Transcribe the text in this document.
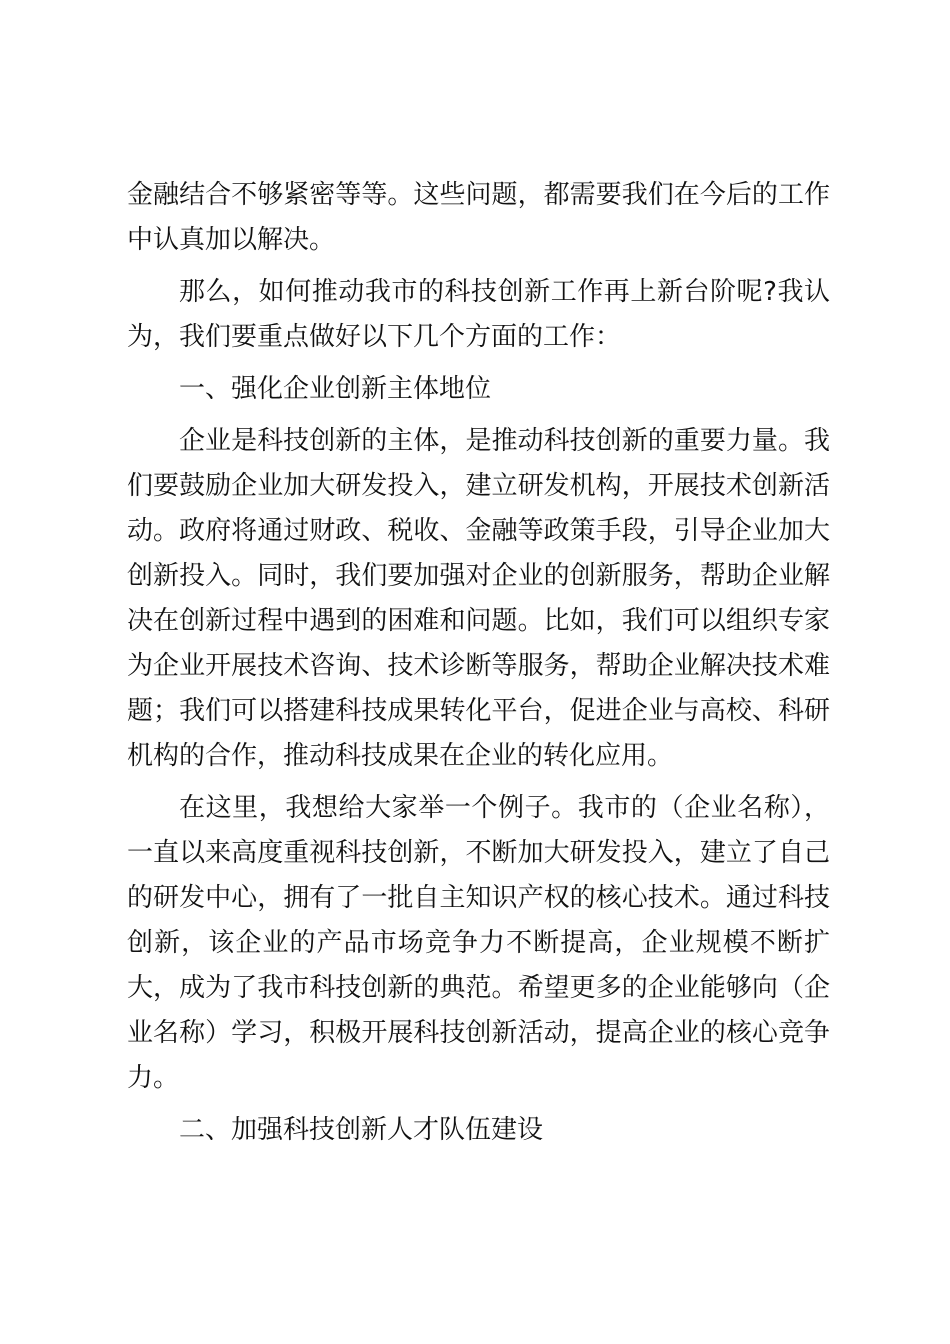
金融结合不够紧密等等。这些问题，都需要我们在今后的工作
中认真加以解决。
那么，如何推动我市的科技创新工作再上新台阶呢?我认
为，我们要重点做好以下几个方面的工作：
一、强化企业创新主体地位
企业是科技创新的主体，是推动科技创新的重要力量。我
们要鼓励企业加大研发投入，建立研发机构，开展技术创新活
动。政府将通过财政、税收、金融等政策手段，引导企业加大
创新投入。同时，我们要加强对企业的创新服务，帮助企业解
决在创新过程中遇到的困难和问题。比如，我们可以组织专家
为企业开展技术咨询、技术诊断等服务，帮助企业解决技术难
题；我们可以搭建科技成果转化平台，促进企业与高校、科研
机构的合作，推动科技成果在企业的转化应用。
在这里，我想给大家举一个例子。我市的（企业名称），
一直以来高度重视科技创新，不断加大研发投入，建立了自己
的研发中心，拥有了一批自主知识产权的核心技术。通过科技
创新，该企业的产品市场竞争力不断提高，企业规模不断扩
大，成为了我市科技创新的典范。希望更多的企业能够向（企
业名称）学习，积极开展科技创新活动，提高企业的核心竞争
力。
二、加强科技创新人才队伍建设
